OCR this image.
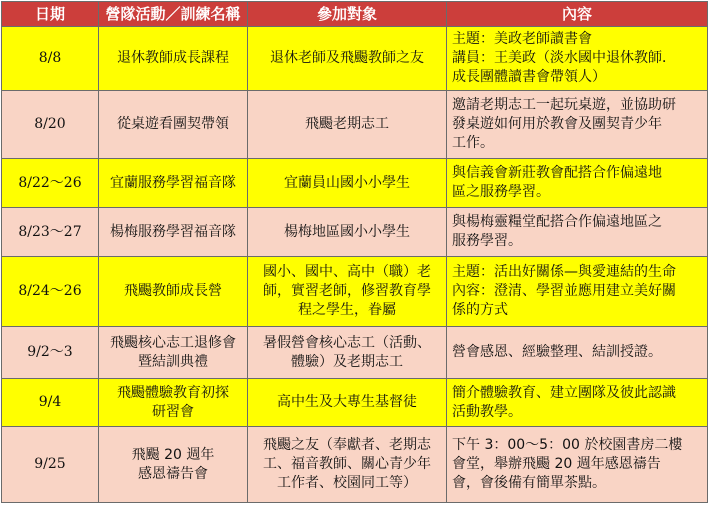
日期	營隊活動／訓練名稱	參加對象	內容
8/8	退休教師成長課程	退休老師及飛颺教師之友	主題：美政老師讀書會
講員：王美政（淡水國中退休教師．
成長團體讀書會帶領人）

8/20	從桌遊看團契帶領	飛颺老期志工	邀請老期志工一起玩桌遊，並協助研
發桌遊如何用於教會及團契青少年
工作。

8/22～26	宜蘭服務學習福音隊	宜蘭員山國小小學生	與信義會新莊教會配搭合作偏遠地
區之服務學習。

8/23～27	楊梅服務學習福音隊	楊梅地區國小小學生	與楊梅靈糧堂配搭合作偏遠地區之
服務學習。

8/24～26	飛颺教師成長營	國小、國中、高中（職）老
師，實習老師，修習教育學
程之學生，眷屬	主題：活出好關係—與愛連結的生命
內容：澄清、學習並應用建立美好關
係的方式

9/2～3	飛颺核心志工退修會
暨結訓典禮	暑假營會核心志工（活動、
體驗）及老期志工	營會感恩、經驗整理、結訓授證。

9/4	飛颺體驗教育初探
研習會	高中生及大專生基督徒	簡介體驗教育、建立團隊及彼此認識
活動教學。

9/25	飛颺 20 週年
感恩禱告會	飛颺之友（奉獻者、老期志
工、福音教師、關心青少年
工作者、校園同工等）	下午 3：00～5：00 於校園書房二樓
會堂，舉辦飛颺 20 週年感恩禱告
會，會後備有簡單茶點。
